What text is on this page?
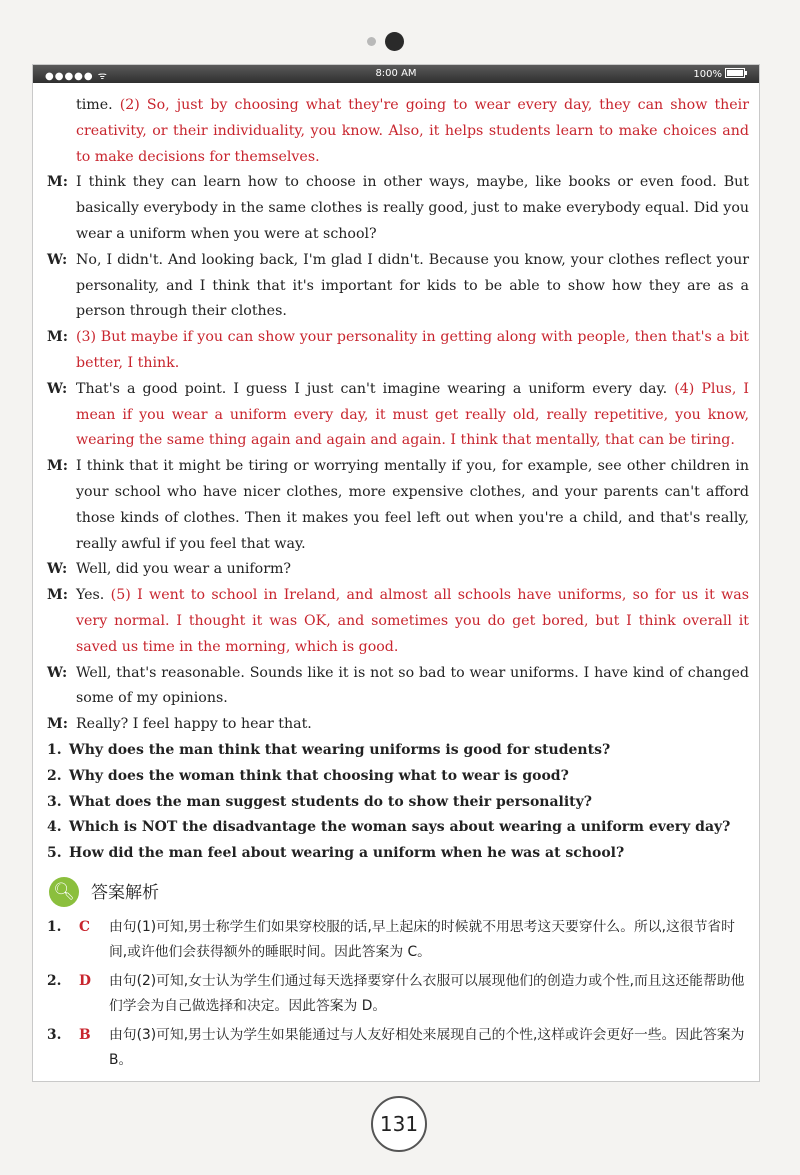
●●●●● ᯤ	8:00 AM	100%
time. (2) So, just by choosing what they're going to wear every day, they can show their creativity, or their individuality, you know. Also, it helps students learn to make choices and to make decisions for themselves.
M: I think they can learn how to choose in other ways, maybe, like books or even food. But basically everybody in the same clothes is really good, just to make everybody equal. Did you wear a uniform when you were at school?
W: No, I didn't. And looking back, I'm glad I didn't. Because you know, your clothes reflect your personality, and I think that it's important for kids to be able to show how they are as a person through their clothes.
M: (3) But maybe if you can show your personality in getting along with people, then that's a bit better, I think.
W: That's a good point. I guess I just can't imagine wearing a uniform every day. (4) Plus, I mean if you wear a uniform every day, it must get really old, really repetitive, you know, wearing the same thing again and again and again. I think that mentally, that can be tiring.
M: I think that it might be tiring or worrying mentally if you, for example, see other children in your school who have nicer clothes, more expensive clothes, and your parents can't afford those kinds of clothes. Then it makes you feel left out when you're a child, and that's really, really awful if you feel that way.
W: Well, did you wear a uniform?
M: Yes. (5) I went to school in Ireland, and almost all schools have uniforms, so for us it was very normal. I thought it was OK, and sometimes you do get bored, but I think overall it saved us time in the morning, which is good.
W: Well, that's reasonable. Sounds like it is not so bad to wear uniforms. I have kind of changed some of my opinions.
M: Really? I feel happy to hear that.
1. Why does the man think that wearing uniforms is good for students?
2. Why does the woman think that choosing what to wear is good?
3. What does the man suggest students do to show their personality?
4. Which is NOT the disadvantage the woman says about wearing a uniform every day?
5. How did the man feel about wearing a uniform when he was at school?
🔍︎ 答案解析
1. C 由句(1)可知,男士称学生们如果穿校服的话,早上起床的时候就不用思考这天要穿什么。所以,这很节省时间,或许他们会获得额外的睡眠时间。因此答案为 C。
2. D 由句(2)可知,女士认为学生们通过每天选择要穿什么衣服可以展现他们的创造力或个性,而且这还能帮助他们学会为自己做选择和决定。因此答案为 D。
3. B 由句(3)可知,男士认为学生如果能通过与人友好相处来展现自己的个性,这样或许会更好一些。因此答案为 B。
131
